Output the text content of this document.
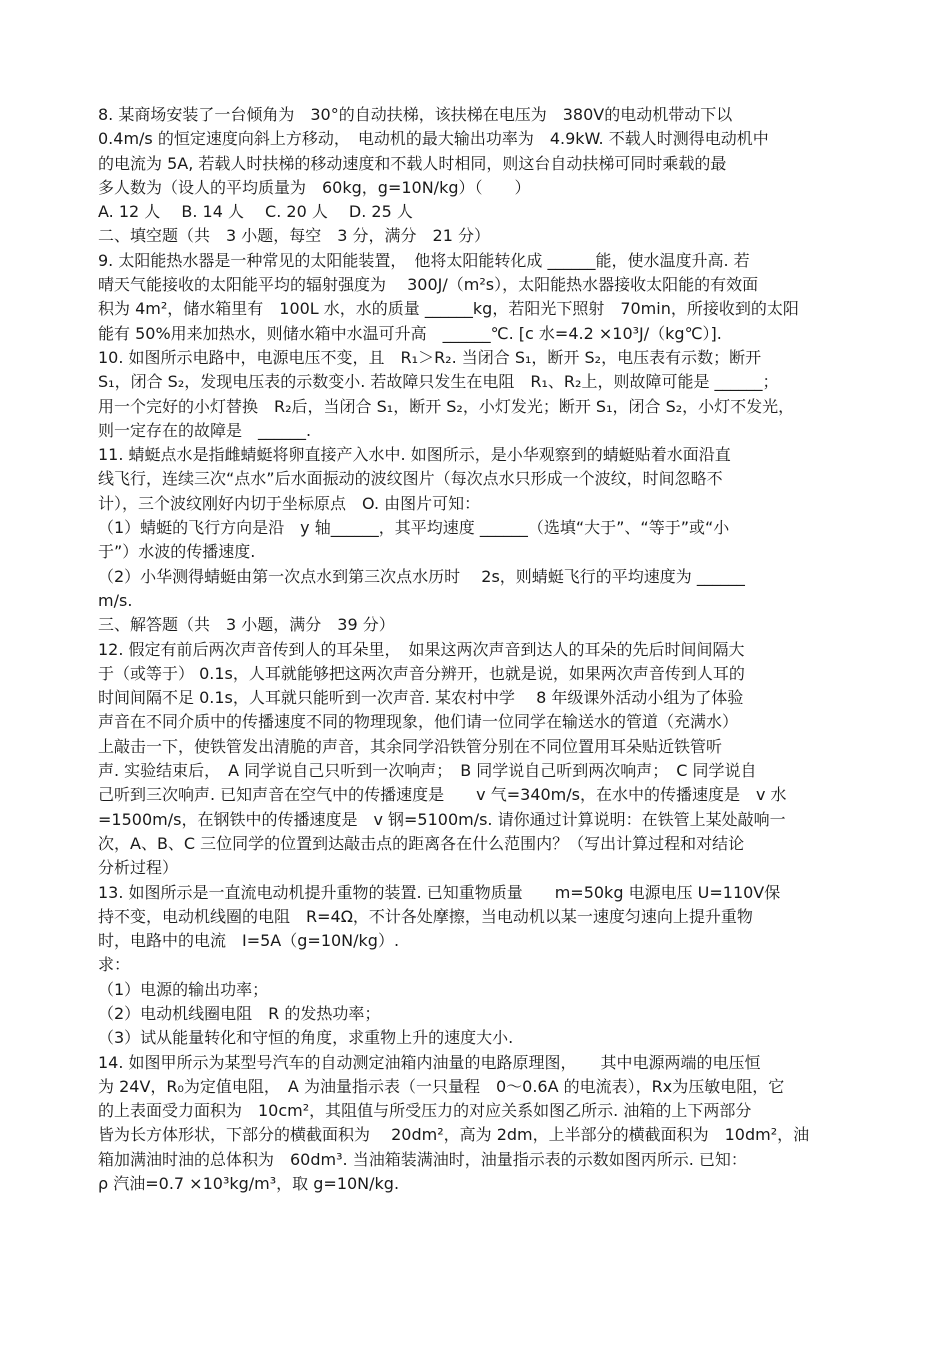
8. 某商场安装了一台倾角为　30°的自动扶梯，该扶梯在电压为　380V的电动机带动下以
0.4m/s 的恒定速度向斜上方移动，　电动机的最大输出功率为　4.9kW. 不载人时测得电动机中
的电流为 5A, 若载人时扶梯的移动速度和不载人时相同，则这台自动扶梯可同时乘载的最
多人数为（设人的平均质量为　60kg，g=10N/kg）（　　）
A. 12 人　 B. 14 人　 C. 20 人　 D. 25 人
二、填空题（共　3 小题，每空　3 分，满分　21 分）
9. 太阳能热水器是一种常见的太阳能装置，　他将太阳能转化成 ______能，使水温度升高. 若
晴天气能接收的太阳能平均的辐射强度为　 300J/（m²s），太阳能热水器接收太阳能的有效面
积为 4m²，储水箱里有　100L 水，水的质量 ______kg，若阳光下照射　70min，所接收到的太阳
能有 50%用来加热水，则储水箱中水温可升高　______℃. [c 水=4.2 ×10³J/（kg℃）].
10. 如图所示电路中，电源电压不变，且　R₁＞R₂. 当闭合 S₁，断开 S₂，电压表有示数；断开
S₁，闭合 S₂，发现电压表的示数变小. 若故障只发生在电阻　R₁、R₂上，则故障可能是 ______；
用一个完好的小灯替换　R₂后，当闭合 S₁，断开 S₂，小灯发光；断开 S₁，闭合 S₂，小灯不发光，
则一定存在的故障是　______.
11. 蜻蜓点水是指雌蜻蜓将卵直接产入水中. 如图所示，是小华观察到的蜻蜓贴着水面沿直
线飞行，连续三次“点水”后水面振动的波纹图片（每次点水只形成一个波纹，时间忽略不
计），三个波纹刚好内切于坐标原点　O. 由图片可知：
（1）蜻蜓的飞行方向是沿　y 轴______，其平均速度 ______（选填“大于”、“等于”或“小
于”）水波的传播速度.
（2）小华测得蜻蜓由第一次点水到第三次点水历时　 2s，则蜻蜓飞行的平均速度为 ______
m/s.
三、解答题（共　3 小题，满分　39 分）
12. 假定有前后两次声音传到人的耳朵里，　如果这两次声音到达人的耳朵的先后时间间隔大
于（或等于） 0.1s，人耳就能够把这两次声音分辨开，也就是说，如果两次声音传到人耳的
时间间隔不足 0.1s，人耳就只能听到一次声音. 某农村中学　 8 年级课外活动小组为了体验
声音在不同介质中的传播速度不同的物理现象，他们请一位同学在输送水的管道（充满水）
上敲击一下，使铁管发出清脆的声音，其余同学沿铁管分别在不同位置用耳朵贴近铁管听
声. 实验结束后，　A 同学说自己只听到一次响声；　B 同学说自己听到两次响声；　C 同学说自
己听到三次响声. 已知声音在空气中的传播速度是　　v 气=340m/s，在水中的传播速度是　v 水
=1500m/s，在钢铁中的传播速度是　v 钢=5100m/s. 请你通过计算说明：在铁管上某处敲响一
次，A、B、C 三位同学的位置到达敲击点的距离各在什么范围内？（写出计算过程和对结论
分析过程）
13. 如图所示是一直流电动机提升重物的装置. 已知重物质量　　m=50kg 电源电压 U=110V保
持不变，电动机线圈的电阻　R=4Ω，不计各处摩擦，当电动机以某一速度匀速向上提升重物
时，电路中的电流　I=5A（g=10N/kg）.
求：
（1）电源的输出功率；
（2）电动机线圈电阻　R 的发热功率；
（3）试从能量转化和守恒的角度，求重物上升的速度大小.
14. 如图甲所示为某型号汽车的自动测定油箱内油量的电路原理图，　　其中电源两端的电压恒
为 24V，R₀为定值电阻，　A 为油量指示表（一只量程　0～0.6A 的电流表），Rx为压敏电阻，它
的上表面受力面积为　10cm²，其阻值与所受压力的对应关系如图乙所示. 油箱的上下两部分
皆为长方体形状，下部分的横截面积为　 20dm²，高为 2dm，上半部分的横截面积为　10dm²，油
箱加满油时油的总体积为　60dm³. 当油箱装满油时，油量指示表的示数如图丙所示. 已知：
ρ 汽油=0.7 ×10³kg/m³，取 g=10N/kg.
